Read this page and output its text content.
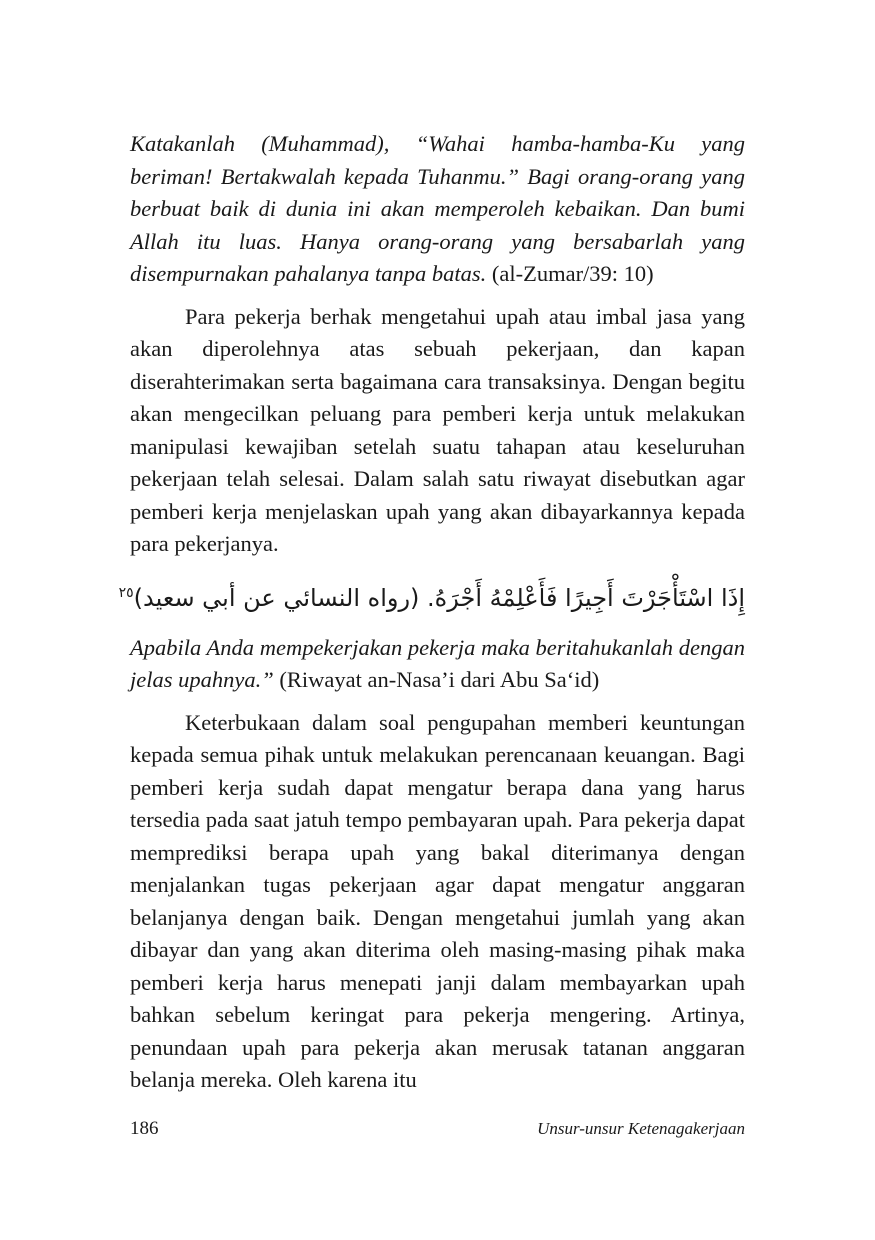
Katakanlah (Muhammad), “Wahai hamba-hamba-Ku yang beriman! Bertakwalah kepada Tuhanmu.” Bagi orang-orang yang berbuat baik di dunia ini akan memperoleh kebaikan. Dan bumi Allah itu luas. Hanya orang-orang yang bersabarlah yang disempurnakan pahalanya tanpa batas. (al-Zumar/39: 10)

Para pekerja berhak mengetahui upah atau imbal jasa yang akan diperolehnya atas sebuah pekerjaan, dan kapan diserahterimakan serta bagaimana cara transaksinya. Dengan begitu akan mengecilkan peluang para pemberi kerja untuk melakukan manipulasi kewajiban setelah suatu tahapan atau keseluruhan pekerjaan telah selesai. Dalam salah satu riwayat disebutkan agar pemberi kerja menjelaskan upah yang akan dibayarkannya kepada para pekerjanya.

إِذَا اسْتَأْجَرْتَ أَجِيرًا فَأَعْلِمْهُ أَجْرَهُ. (رواه النسائي عن أبي سعيد)$^{٢٥}$

Apabila Anda mempekerjakan pekerja maka beritahukanlah dengan jelas upahnya.” (Riwayat an-Nasa’i dari Abu Sa‘id)

Keterbukaan dalam soal pengupahan memberi keuntungan kepada semua pihak untuk melakukan perencanaan keuangan. Bagi pemberi kerja sudah dapat mengatur berapa dana yang harus tersedia pada saat jatuh tempo pembayaran upah. Para pekerja dapat memprediksi berapa upah yang bakal diterimanya dengan menjalankan tugas pekerjaan agar dapat mengatur anggaran belanjanya dengan baik. Dengan mengetahui jumlah yang akan dibayar dan yang akan diterima oleh masing-masing pihak maka pemberi kerja harus menepati janji dalam membayarkan upah bahkan sebelum keringat para pekerja mengering. Artinya, penundaan upah para pekerja akan merusak tatanan anggaran belanja mereka. Oleh karena itu

186	Unsur-unsur Ketenagakerjaan
